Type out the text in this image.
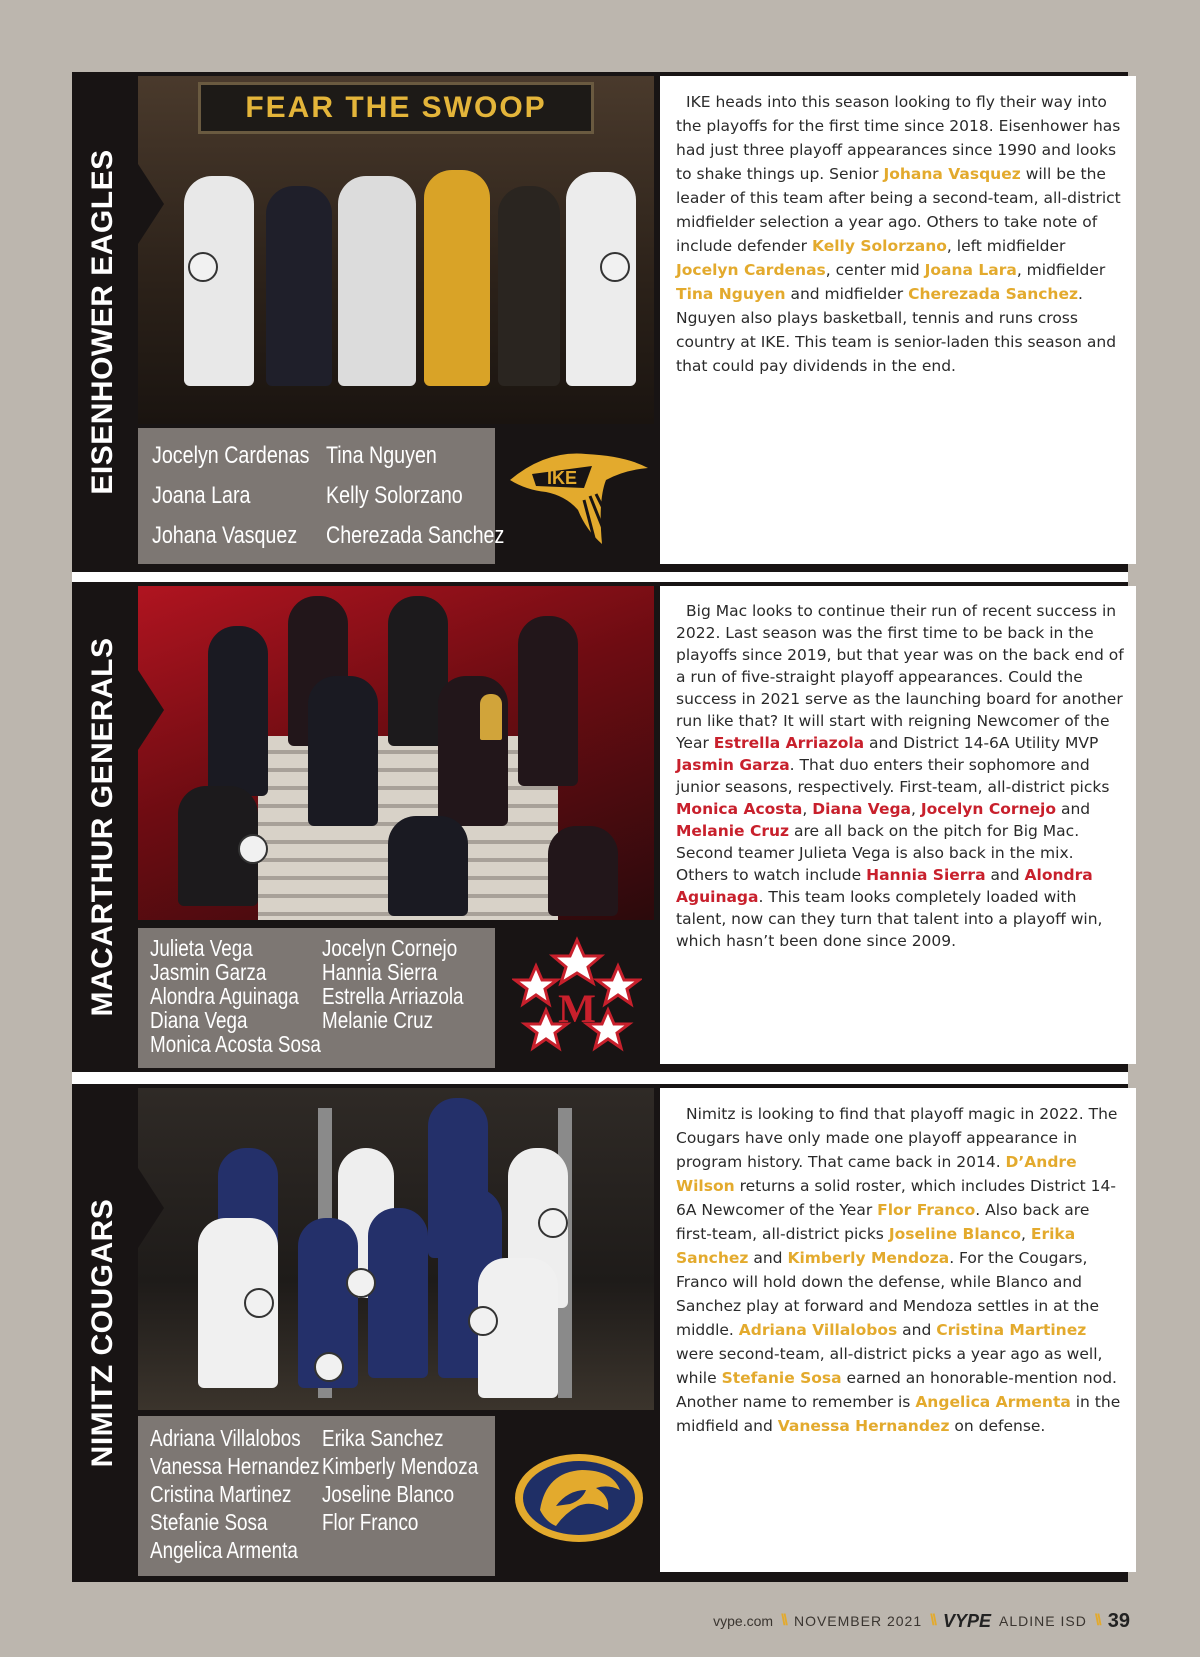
EISENHOWER EAGLES
FEAR THE SWOOP
Jocelyn Cardenas
Joana Lara
Johana Vasquez
Tina Nguyen
Kelly Solorzano
Cherezada Sanchez
IKE

IKE heads into this season looking to fly their way into the playoffs for the first time since 2018. Eisenhower has had just three playoff appearances since 1990 and looks to shake things up. Senior Johana Vasquez will be the leader of this team after being a second-team, all-district midfielder selection a year ago. Others to take note of include defender Kelly Solorzano, left midfielder Jocelyn Cardenas, center mid Joana Lara, midfielder Tina Nguyen and midfielder Cherezada Sanchez. Nguyen also plays basketball, tennis and runs cross country at IKE. This team is senior-laden this season and that could pay dividends in the end.

MACARTHUR GENERALS Julieta Vega
Jasmin Garza
Alondra Aguinaga
Diana Vega
Monica Acosta Sosa
Jocelyn Cornejo
Hannia Sierra
Estrella Arriazola
Melanie Cruz	M

Big Mac looks to continue their run of recent success in 2022. Last season was the first time to be back in the playoffs since 2019, but that year was on the back end of a run of five-straight playoff appearances. Could the success in 2021 serve as the launching board for another run like that? It will start with reigning Newcomer of the Year Estrella Arriazola and District 14-6A Utility MVP Jasmin Garza. That duo enters their sophomore and junior seasons, respectively. First-team, all-district picks Monica Acosta, Diana Vega, Jocelyn Cornejo and Melanie Cruz are all back on the pitch for Big Mac. Second teamer Julieta Vega is also back in the mix. Others to watch include Hannia Sierra and Alondra Aguinaga. This team looks completely loaded with talent, now can they turn that talent into a playoff win, which hasn’t been done since 2009.

NIMITZ COUGARS Adriana Villalobos
Vanessa Hernandez
Cristina Martinez
Stefanie Sosa
Angelica Armenta
Erika Sanchez
Kimberly Mendoza
Joseline Blanco
Flor Franco

Nimitz is looking to find that playoff magic in 2022. The Cougars have only made one playoff appearance in program history. That came back in 2014. D’Andre Wilson returns a solid roster, which includes District 14-6A Newcomer of the Year Flor Franco. Also back are first-team, all-district picks Joseline Blanco, Erika Sanchez and Kimberly Mendoza. For the Cougars, Franco will hold down the defense, while Blanco and Sanchez play at forward and Mendoza settles in at the middle. Adriana Villalobos and Cristina Martinez were second-team, all-district picks a year ago as well, while Stefanie Sosa earned an honorable-mention nod. Another name to remember is Angelica Armenta in the midfield and Vanessa Hernandez on defense.

vype.com \\ NOVEMBER 2021 \\ VYPE ALDINE ISD \\ 39
